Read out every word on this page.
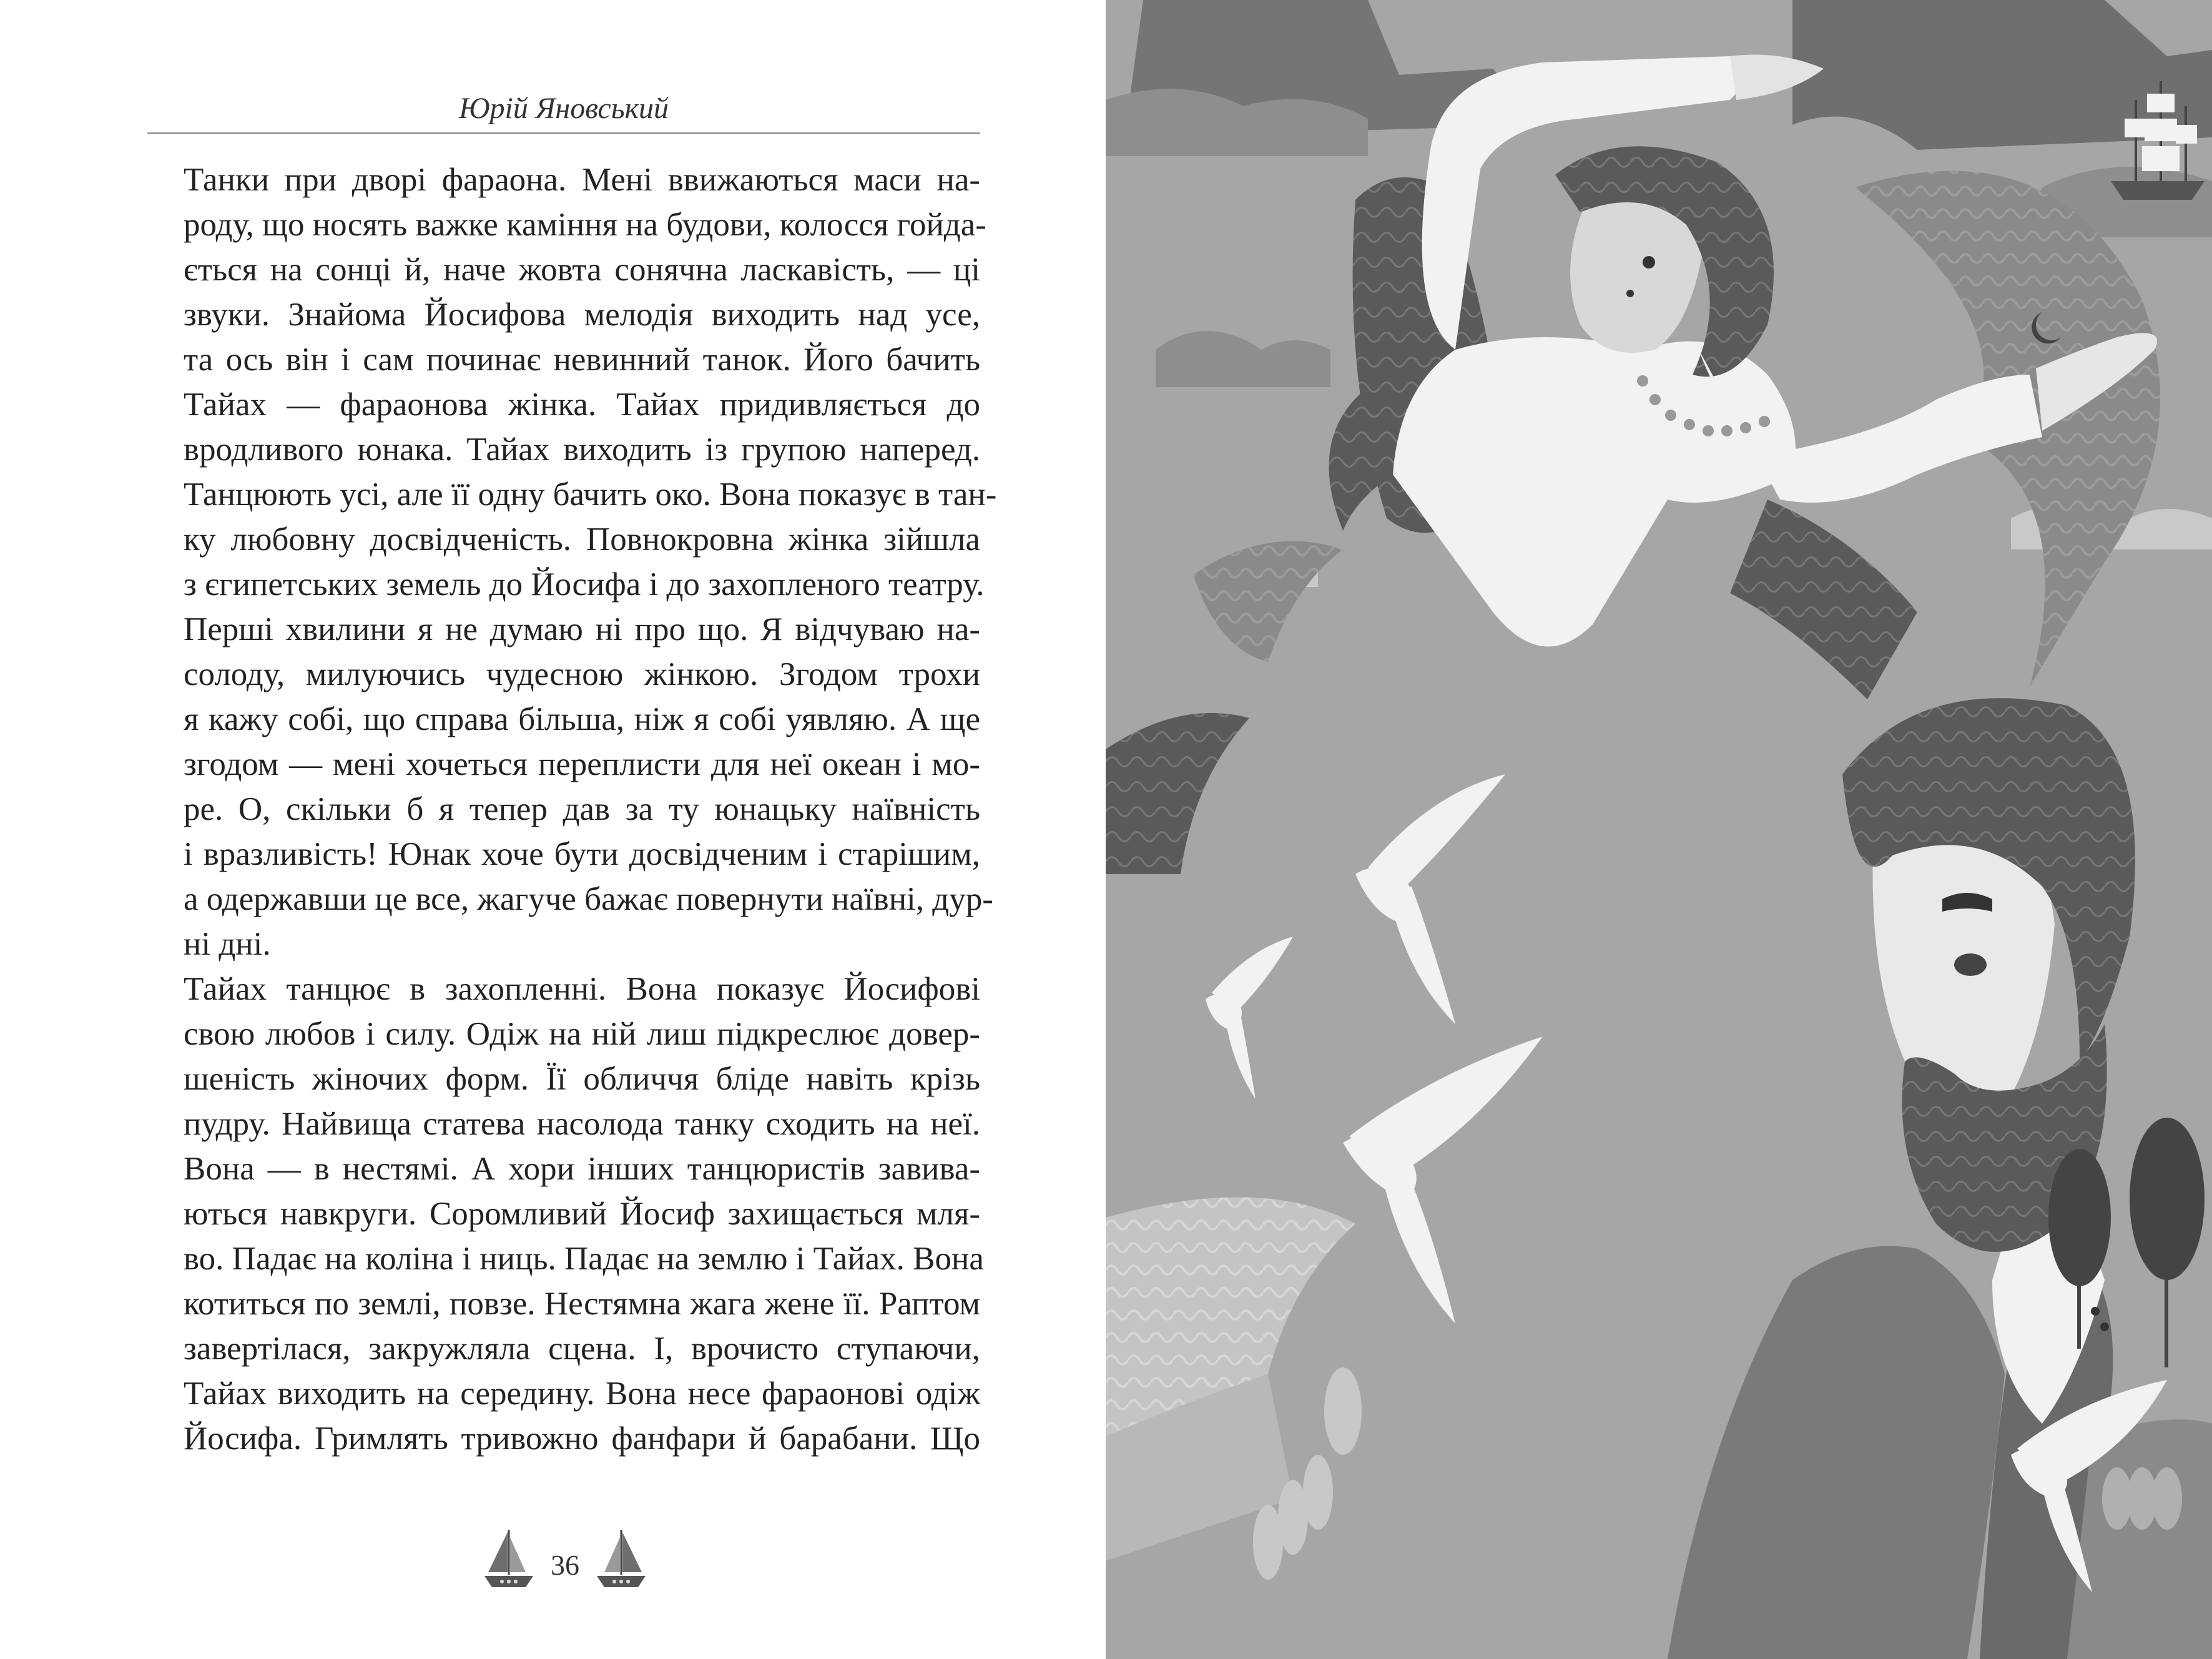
Юрій Яновський

Танки при дворі фараона. Мені ввижаються маси на-
роду, що носять важке каміння на будови, колосся гойда-
ється на сонці й, наче жовта сонячна ласкавість, — ці
звуки. Знайома Йосифова мелодія виходить над усе,
та ось він і сам починає невинний танок. Його бачить
Тайах — фараонова жінка. Тайах придивляється до
вродливого юнака. Тайах виходить із групою наперед.
Танцюють усі, але її одну бачить око. Вона показує в тан-
ку любовну досвідченість. Повнокровна жінка зійшла
з єгипетських земель до Йосифа і до захопленого театру.

Перші хвилини я не думаю ні про що. Я відчуваю на-
солоду, милуючись чудесною жінкою. Згодом трохи
я кажу собі, що справа більша, ніж я собі уявляю. А ще
згодом — мені хочеться переплисти для неї океан і мо-
ре. О, скільки б я тепер дав за ту юнацьку наївність
і вразливість! Юнак хоче бути досвідченим і старішим,
а одержавши це все, жагуче бажає повернути наївні, дур-
ні дні.

Тайах танцює в захопленні. Вона показує Йосифові
свою любов і силу. Одіж на ній лиш підкреслює довер-
шеність жіночих форм. Її обличчя бліде навіть крізь
пудру. Найвища статева насолода танку сходить на неї.
Вона — в нестямі. А хори інших танцюристів завива-
ються навкруги. Соромливий Йосиф захищається мля-
во. Падає на коліна і ниць. Падає на землю і Тайах. Вона
котиться по землі, повзе. Нестямна жага жене її. Раптом
завертілася, закружляла сцена. І, врочисто ступаючи,
Тайах виходить на середину. Вона несе фараонові одіж
Йосифа. Гримлять тривожно фанфари й барабани. Що

36
